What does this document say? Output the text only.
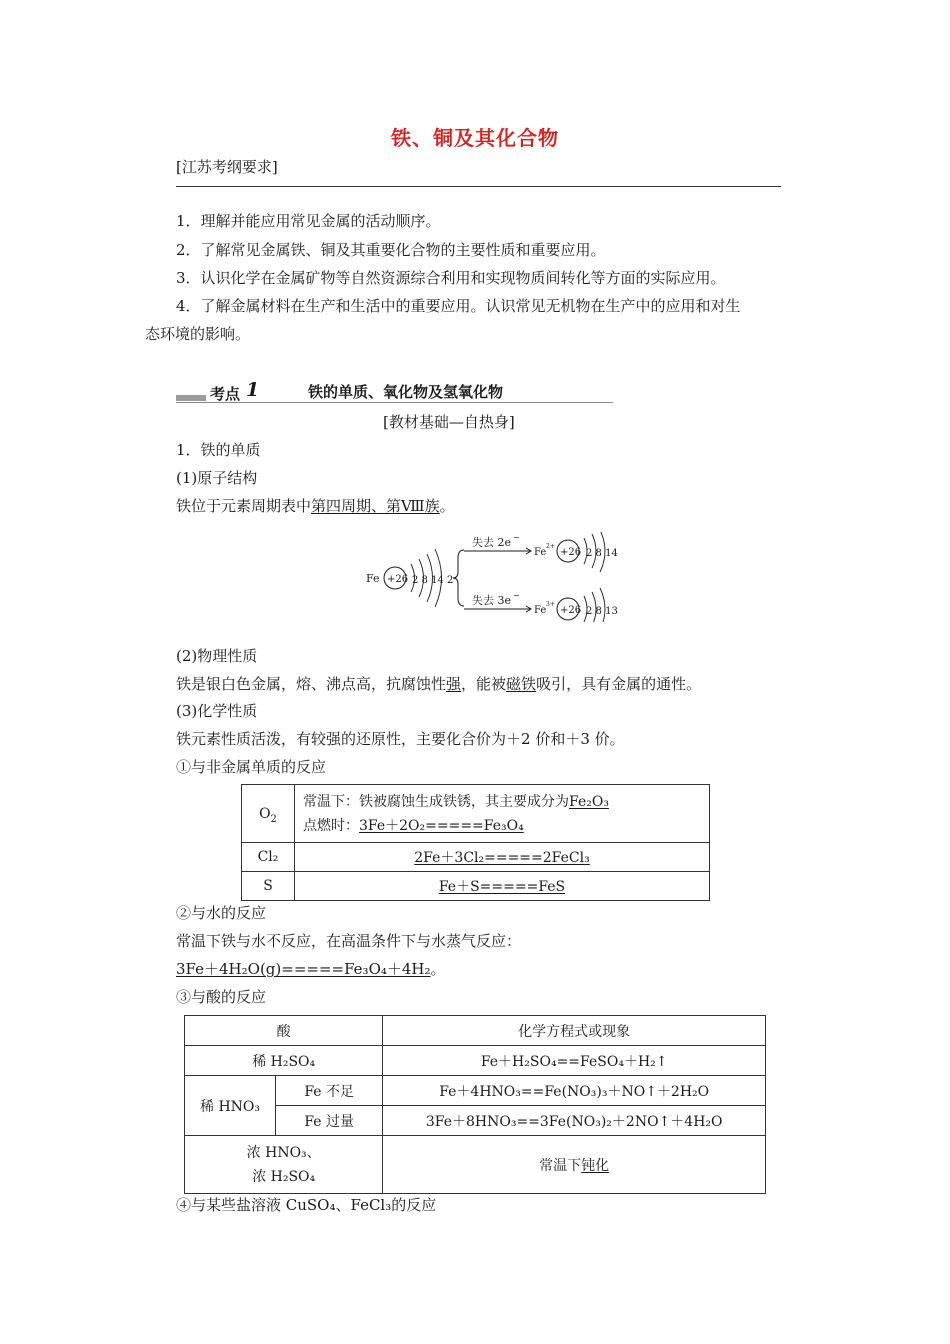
铁、铜及其化合物
[江苏考纲要求]
1．理解并能应用常见金属的活动顺序。
2．了解常见金属铁、铜及其重要化合物的主要性质和重要应用。
3．认识化学在金属矿物等自然资源综合利用和实现物质间转化等方面的实际应用。
4．了解金属材料在生产和生活中的重要应用。认识常见无机物在生产中的应用和对生
态环境的影响。
考点 1	铁的单质、氧化物及氢氧化物
[教材基础—自热身]
1．铁的单质
(1)原子结构
铁位于元素周期表中第四周期、第Ⅷ族。
Fe +26 2 8 14 2
失去 2e −
失去 3e −
Fe
2+
+26 2 8 14
Fe
3+
+26 2 8 13
(2)物理性质
铁是银白色金属，熔、沸点高，抗腐蚀性强，能被磁铁吸引，具有金属的通性。
(3)化学性质
铁元素性质活泼，有较强的还原性，主要化合价为＋2 价和＋3 价。
①与非金属单质的反应
$O_2$	常温下：铁被腐蚀生成铁锈，其主要成分为Fe₂O₃
点燃时：3Fe＋2O₂=====Fe₃O₄

Cl₂	2Fe＋3Cl₂=====2FeCl₃
S	Fe＋S=====FeS
②与水的反应
常温下铁与水不反应，在高温条件下与水蒸气反应：
3Fe＋4H₂O(g)=====Fe₃O₄＋4H₂。
③与酸的反应
酸		化学方程式或现象
稀 H₂SO₄		Fe＋H₂SO₄==FeSO₄＋H₂↑
稀 HNO₃	Fe 不足	Fe＋4HNO₃==Fe(NO₃)₃＋NO↑＋2H₂O
	Fe 过量	3Fe＋8HNO₃==3Fe(NO₃)₂＋2NO↑＋4H₂O

浓 HNO₃、
浓 H₂SO₄		常温下钝化
④与某些盐溶液 CuSO₄、FeCl₃的反应
